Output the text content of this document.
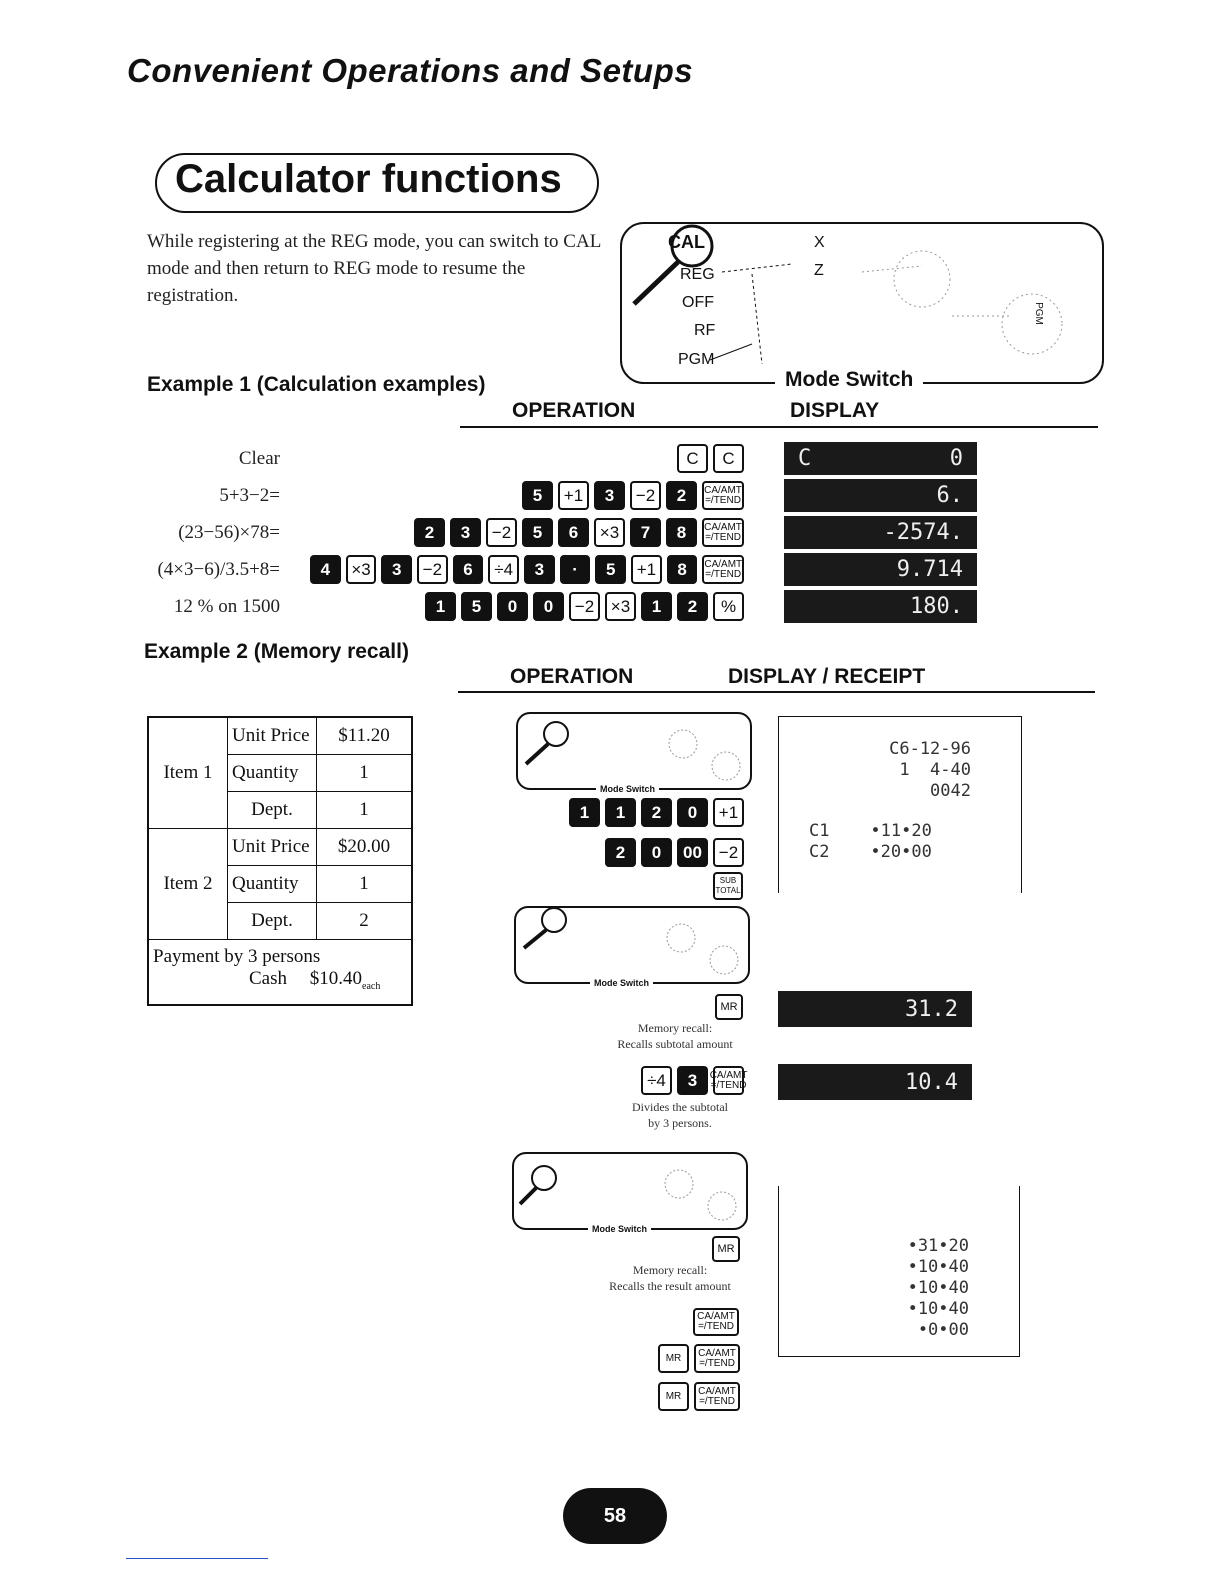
Convenient Operations and Setups
Calculator functions
While registering at the REG mode, you can switch to CAL mode and then return to REG mode to resume the registration.
CAL
REG
OFF
RF
PGM
X
Z
PGM
Mode Switch
Example 1 (Calculation examples)
OPERATION	DISPLAY
Clear	C	C	C	0
5+3−2=	5	+1	3	−2	2	CA/AMT =/TEND	6.
(23−56)×78=	2	3	−2	5	6	×3	7	8	CA/AMT =/TEND	-2574.
(4×3−6)/3.5+8=	4	×3	3	−2	6	÷4	3	·	5	+1	8	CA/AMT =/TEND	9.714
12 % on 1500	1	5	0	0	−2 ×3	1	2	%	180.
Example 2 (Memory recall)
OPERATION	DISPLAY / RECEIPT
Item 1	Unit Price	$11.20
	Quantity	1
	Dept.	1
Item 2	Unit Price	$20.00
	Quantity	1
	Dept.	2

Payment by 3 persons
Cash $\$10.40_{each}$
Mode Switch
1	1	2	0	+1
2	0	00 −2
SUB TOTAL
Mode Switch
MR
Memory recall:
Recalls subtotal amount
31.2
÷4	3	CA/AMT =/TEND
Divides the subtotal
by 3 persons.
10.4
Mode Switch
MR
Memory recall:
Recalls the result amount
CA/AMT =/TEND
MR	CA/AMT =/TEND
MR	CA/AMT =/TEND
C6-12-96
1  4-40
0042
C1    •11•20
C2    •20•00
•31•20
•10•40
•10•40
•10•40
•0•00
58
